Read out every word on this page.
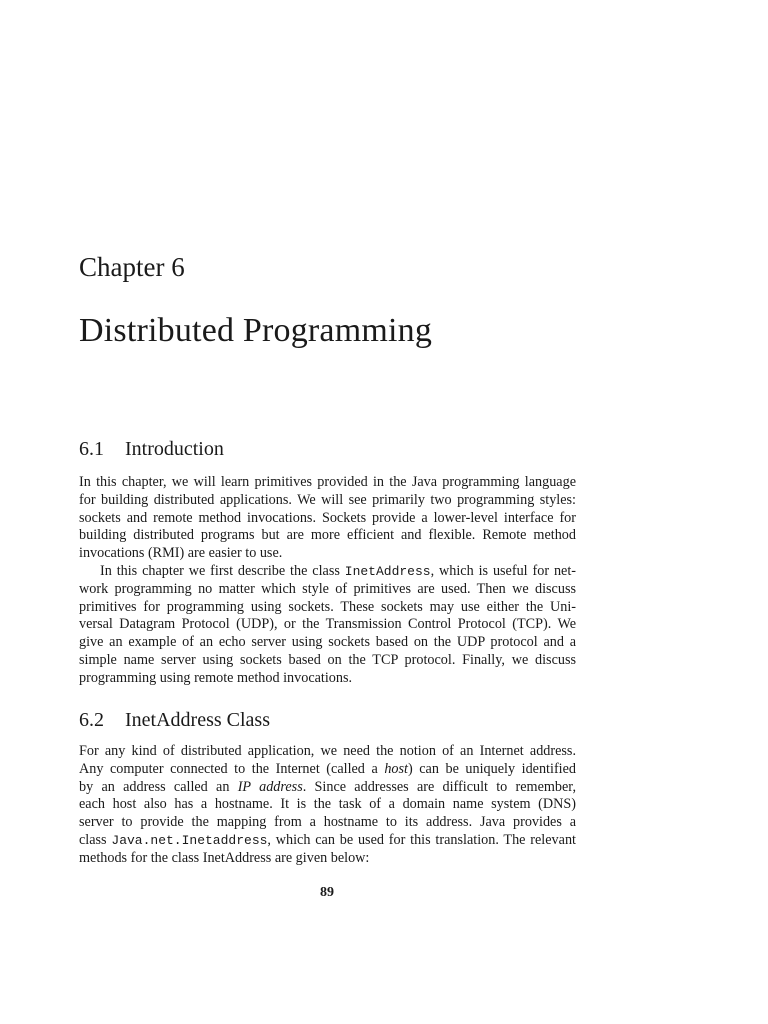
Chapter 6
Distributed Programming
6.1 Introduction
In this chapter, we will learn primitives provided in the Java programming language
for building distributed applications. We will see primarily two programming styles:
sockets and remote method invocations. Sockets provide a lower-level interface for
building distributed programs but are more efficient and flexible. Remote method
invocations (RMI) are easier to use.
In this chapter we first describe the class InetAddress, which is useful for net-
work programming no matter which style of primitives are used. Then we discuss
primitives for programming using sockets. These sockets may use either the Uni-
versal Datagram Protocol (UDP), or the Transmission Control Protocol (TCP). We
give an example of an echo server using sockets based on the UDP protocol and a
simple name server using sockets based on the TCP protocol. Finally, we discuss
programming using remote method invocations.
6.2 InetAddress Class
For any kind of distributed application, we need the notion of an Internet address.
Any computer connected to the Internet (called a host) can be uniquely identified
by an address called an IP address. Since addresses are difficult to remember,
each host also has a hostname. It is the task of a domain name system (DNS)
server to provide the mapping from a hostname to its address. Java provides a
class Java.net.Inetaddress, which can be used for this translation. The relevant
methods for the class InetAddress are given below:
89
